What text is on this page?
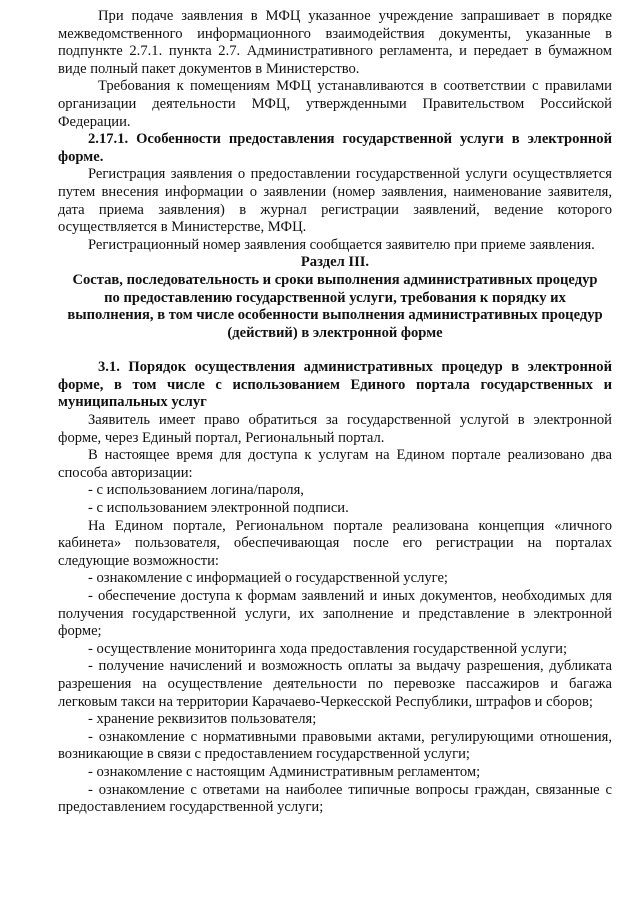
При подаче заявления в МФЦ указанное учреждение запрашивает в порядке межведомственного информационного взаимодействия документы, указанные в подпункте 2.7.1. пункта 2.7. Административного регламента, и передает в бумажном виде полный пакет документов в Министерство.

Требования к помещениям МФЦ устанавливаются в соответствии с правилами организации деятельности МФЦ, утвержденными Правительством Российской Федерации.

2.17.1. Особенности предоставления государственной услуги в электронной форме.

Регистрация заявления о предоставлении государственной услуги осуществляется путем внесения информации о заявлении (номер заявления, наименование заявителя, дата приема заявления) в журнал регистрации заявлений, ведение которого осуществляется в Министерстве, МФЦ.

Регистрационный номер заявления сообщается заявителю при приеме заявления.

Раздел III.

Состав, последовательность и сроки выполнения административных процедур по предоставлению государственной услуги, требования к порядку их выполнения, в том числе особенности выполнения административных процедур (действий) в электронной форме

3.1. Порядок осуществления административных процедур в электронной форме, в том числе с использованием Единого портала государственных и муниципальных услуг

Заявитель имеет право обратиться за государственной услугой в электронной форме, через Единый портал, Региональный портал.

В настоящее время для доступа к услугам на Едином портале реализовано два способа авторизации:

- с использованием логина/пароля,

- с использованием электронной подписи.

На Едином портале, Региональном портале реализована концепция «личного кабинета» пользователя, обеспечивающая после его регистрации на порталах следующие возможности:

- ознакомление с информацией о государственной услуге;

- обеспечение доступа к формам заявлений и иных документов, необходимых для получения государственной услуги, их заполнение и представление в электронной форме;

- осуществление мониторинга хода предоставления государственной услуги;

- получение начислений и возможность оплаты за выдачу разрешения, дубликата разрешения на осуществление деятельности по перевозке пассажиров и багажа легковым такси на территории Карачаево-Черкесской Республики, штрафов и сборов;

- хранение реквизитов пользователя;

- ознакомление с нормативными правовыми актами, регулирующими отношения, возникающие в связи с предоставлением государственной услуги;

- ознакомление с настоящим Административным регламентом;

- ознакомление с ответами на наиболее типичные вопросы граждан, связанные с предоставлением государственной услуги;
